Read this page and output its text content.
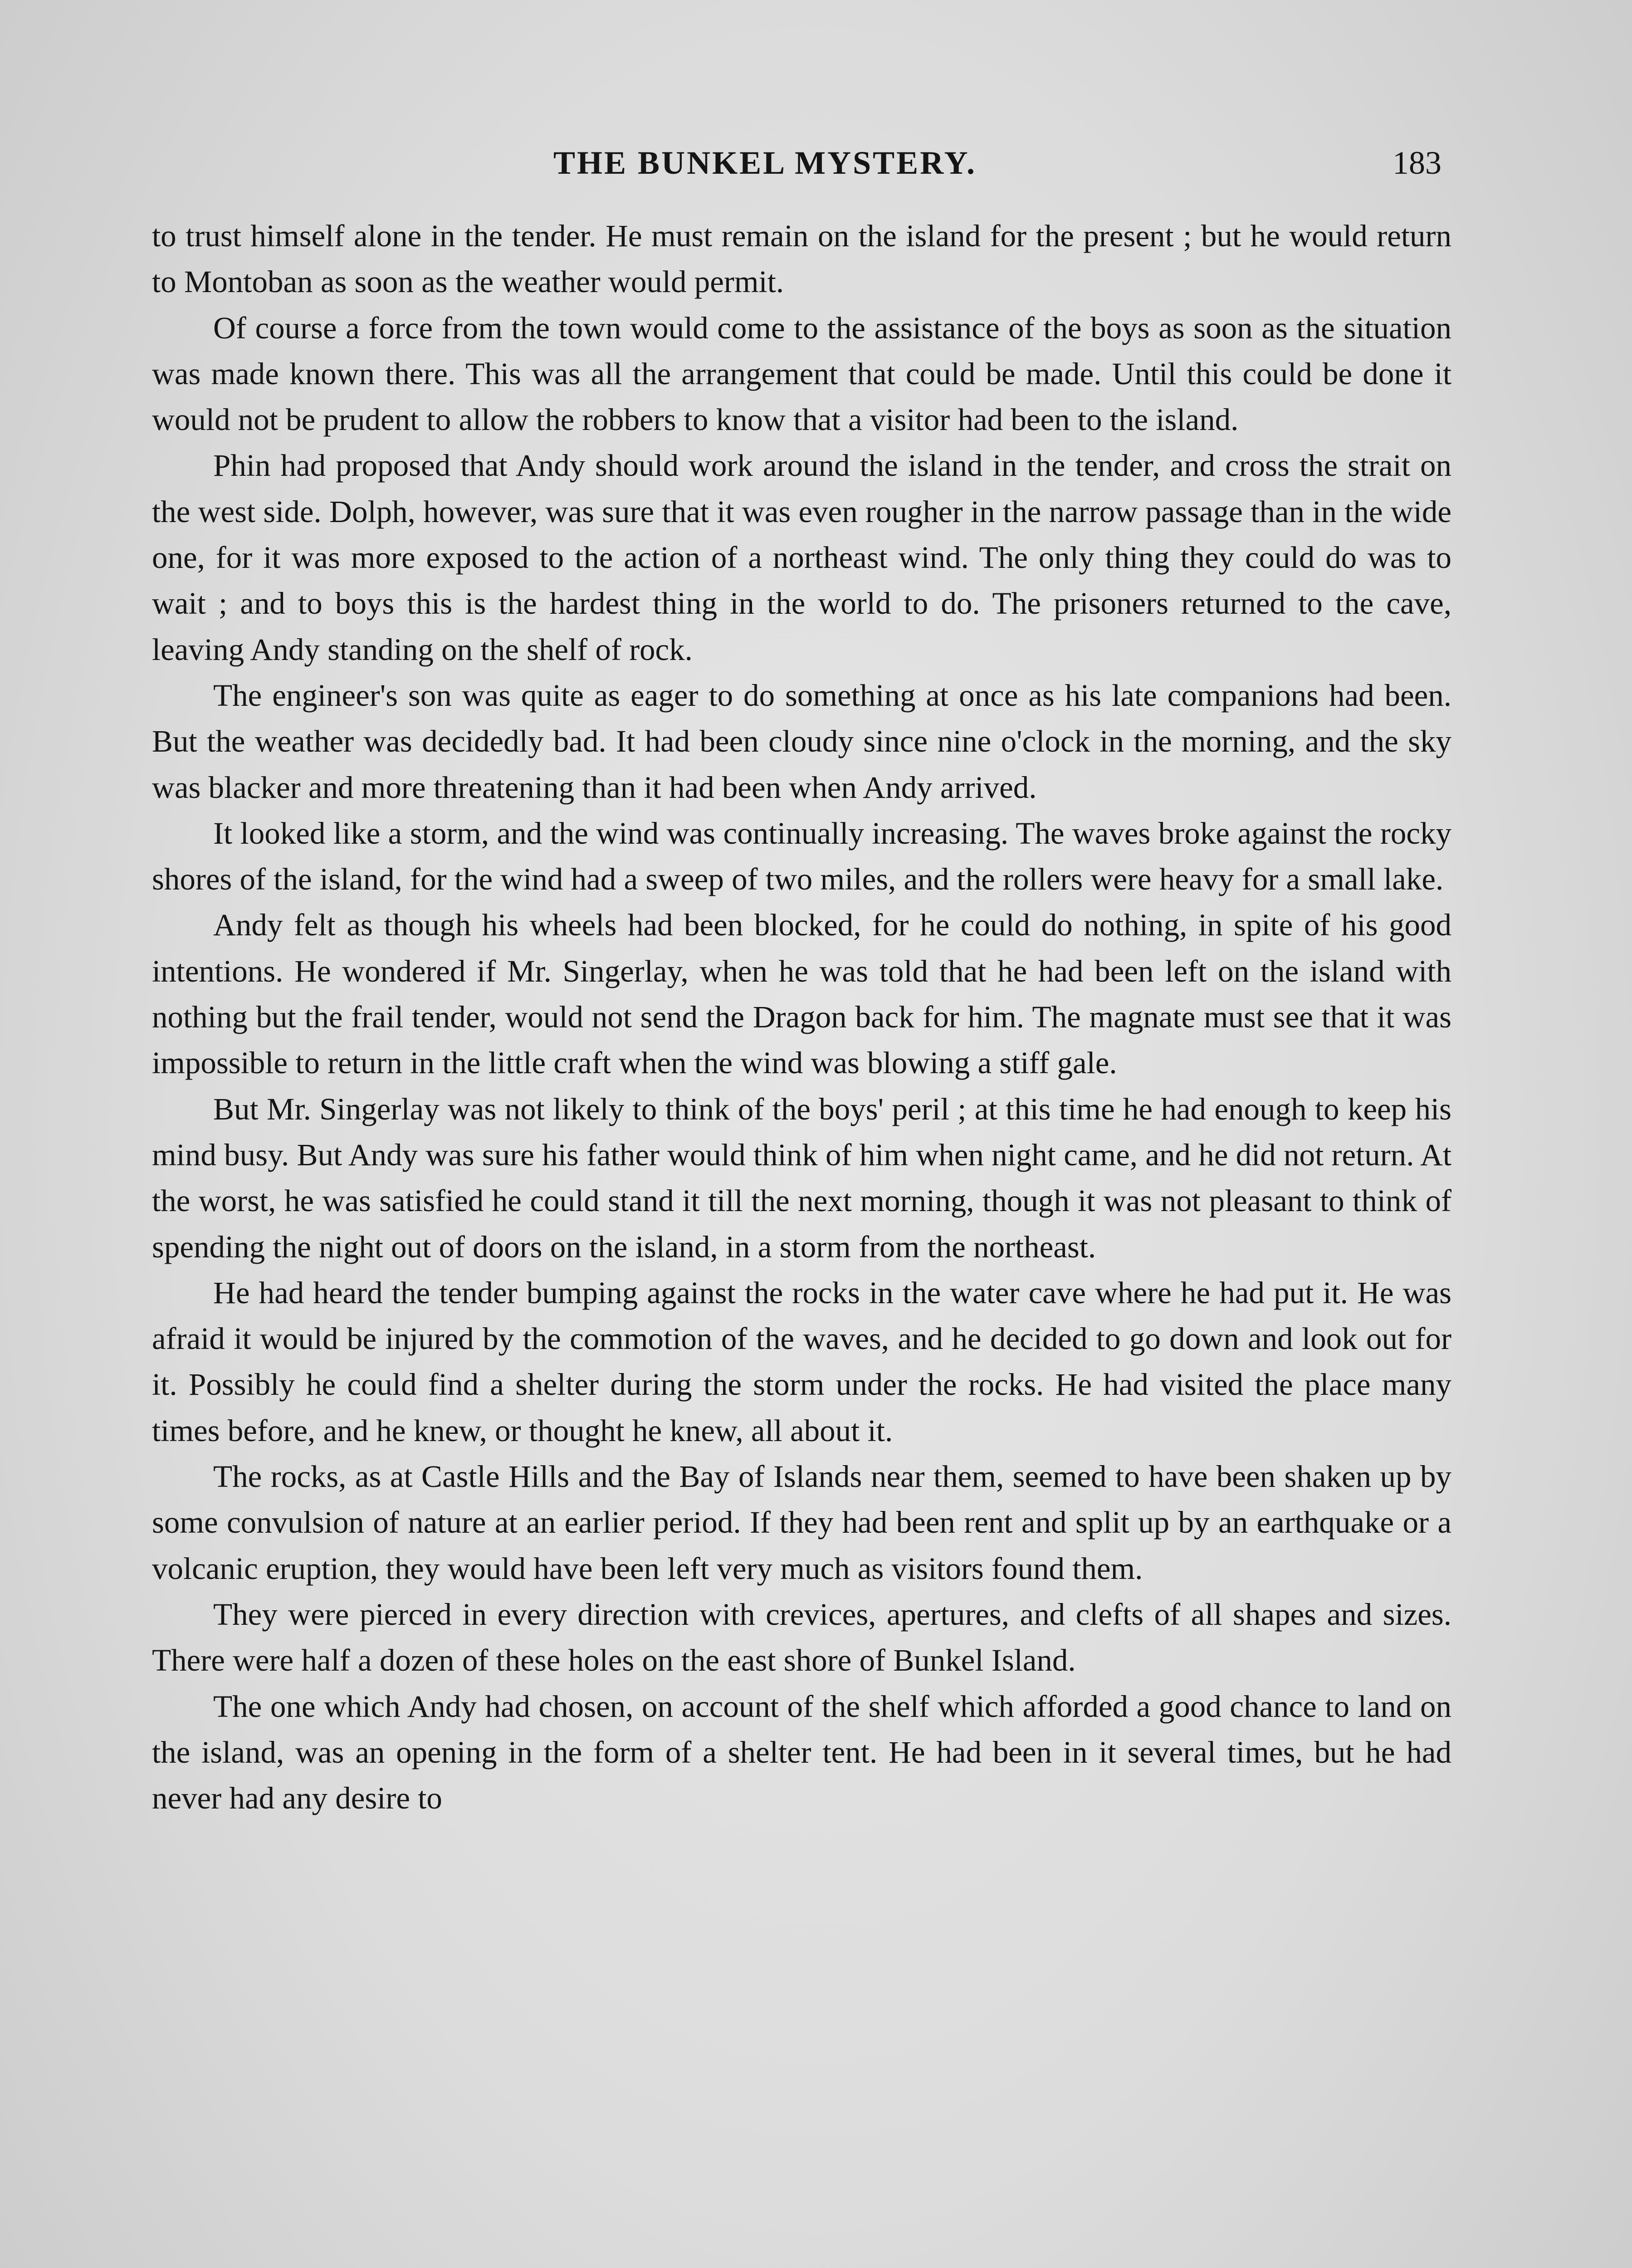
THE BUNKEL MYSTERY.	183

to trust himself alone in the tender. He must remain on the island for the present ; but he would return to Montoban as soon as the weather would permit.

Of course a force from the town would come to the assistance of the boys as soon as the situation was made known there. This was all the arrangement that could be made. Until this could be done it would not be prudent to allow the robbers to know that a visitor had been to the island.

Phin had proposed that Andy should work around the island in the tender, and cross the strait on the west side. Dolph, however, was sure that it was even rougher in the narrow passage than in the wide one, for it was more exposed to the action of a northeast wind. The only thing they could do was to wait ; and to boys this is the hardest thing in the world to do. The prisoners returned to the cave, leaving Andy standing on the shelf of rock.

The engineer's son was quite as eager to do something at once as his late companions had been. But the weather was decidedly bad. It had been cloudy since nine o'clock in the morning, and the sky was blacker and more threatening than it had been when Andy arrived.

It looked like a storm, and the wind was continually increasing. The waves broke against the rocky shores of the island, for the wind had a sweep of two miles, and the rollers were heavy for a small lake.

Andy felt as though his wheels had been blocked, for he could do nothing, in spite of his good intentions. He wondered if Mr. Singerlay, when he was told that he had been left on the island with nothing but the frail tender, would not send the Dragon back for him. The magnate must see that it was impossible to return in the little craft when the wind was blowing a stiff gale.

But Mr. Singerlay was not likely to think of the boys' peril ; at this time he had enough to keep his mind busy. But Andy was sure his father would think of him when night came, and he did not return. At the worst, he was satisfied he could stand it till the next morning, though it was not pleasant to think of spending the night out of doors on the island, in a storm from the northeast.

He had heard the tender bumping against the rocks in the water cave where he had put it. He was afraid it would be injured by the commotion of the waves, and he decided to go down and look out for it. Possibly he could find a shelter during the storm under the rocks. He had visited the place many times before, and he knew, or thought he knew, all about it.

The rocks, as at Castle Hills and the Bay of Islands near them, seemed to have been shaken up by some convulsion of nature at an earlier period. If they had been rent and split up by an earthquake or a volcanic eruption, they would have been left very much as visitors found them.

They were pierced in every direction with crevices, apertures, and clefts of all shapes and sizes. There were half a dozen of these holes on the east shore of Bunkel Island.

The one which Andy had chosen, on account of the shelf which afforded a good chance to land on the island, was an opening in the form of a shelter tent. He had been in it several times, but he had never had any desire to
